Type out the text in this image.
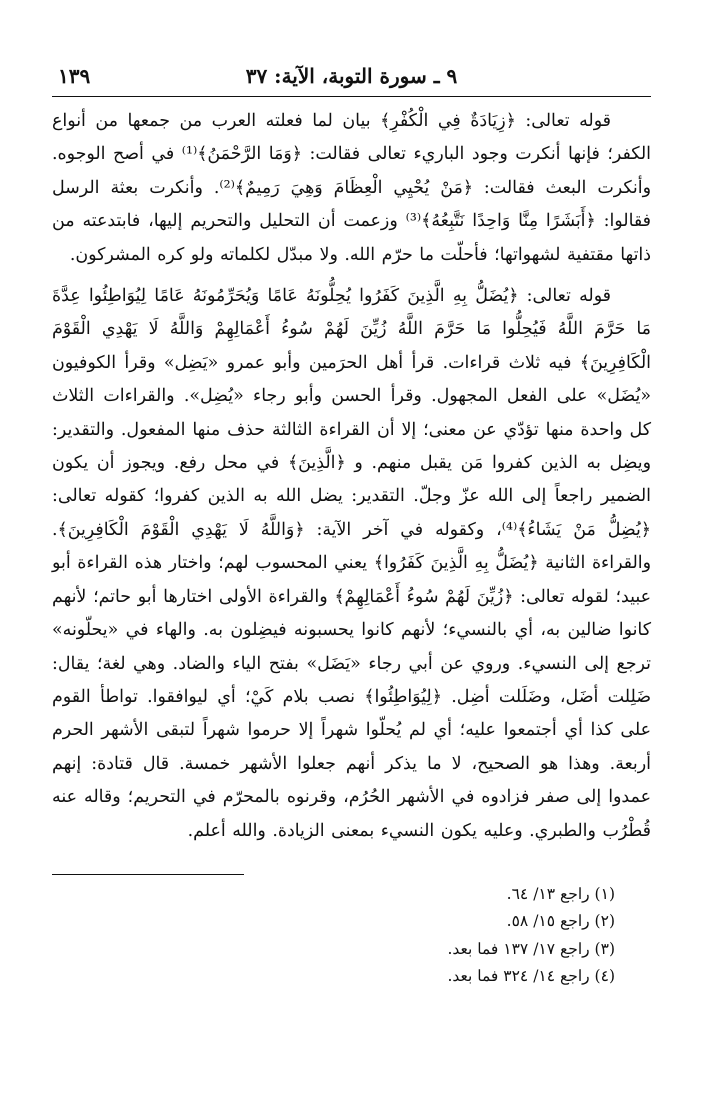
١٣٩	٩ ـ سورة التوبة، الآية: ٣٧

قوله تعالى: ﴿زِيَادَةٌ فِي الْكُفْرِ﴾ بيان لما فعلته العرب من جمعها من أنواع الكفر؛ فإنها أنكرت وجود الباريء تعالى فقالت: ﴿وَمَا الرَّحْمَنُ﴾⁽¹⁾ في أصح الوجوه. وأنكرت البعث فقالت: ﴿مَنْ يُحْيِي الْعِظَامَ وَهِيَ رَمِيمٌ﴾⁽²⁾. وأنكرت بعثة الرسل فقالوا: ﴿أَبَشَرًا مِنَّا وَاحِدًا نَتَّبِعُهُ﴾⁽³⁾ وزعمت أن التحليل والتحريم إليها، فابتدعته من ذاتها مقتفية لشهواتها؛ فأحلّت ما حرّم الله. ولا مبدّل لكلماته ولو كره المشركون.

قوله تعالى: ﴿يُضَلُّ بِهِ الَّذِينَ كَفَرُوا يُحِلُّونَهُ عَامًا وَيُحَرِّمُونَهُ عَامًا لِيُوَاطِئُوا عِدَّةَ مَا حَرَّمَ اللَّهُ فَيُحِلُّوا مَا حَرَّمَ اللَّهُ زُيِّنَ لَهُمْ سُوءُ أَعْمَالِهِمْ وَاللَّهُ لَا يَهْدِي الْقَوْمَ الْكَافِرِينَ﴾ فيه ثلاث قراءات. قرأ أهل الحرَمين وأبو عمرو «يَضِل» وقرأ الكوفيون «يُضَل» على الفعل المجهول. وقرأ الحسن وأبو رجاء «يُضِل». والقراءات الثلاث كل واحدة منها تؤدّي عن معنى؛ إلا أن القراءة الثالثة حذف منها المفعول. والتقدير: ويضِل به الذين كفروا مَن يقبل منهم. و ﴿الَّذِينَ﴾ في محل رفع. ويجوز أن يكون الضمير راجعاً إلى الله عزّ وجلّ. التقدير: يضل الله به الذين كفروا؛ كقوله تعالى: ﴿يُضِلُّ مَنْ يَشَاءُ﴾⁽⁴⁾، وكقوله في آخر الآية: ﴿وَاللَّهُ لَا يَهْدِي الْقَوْمَ الْكَافِرِينَ﴾. والقراءة الثانية ﴿يُضَلُّ بِهِ الَّذِينَ كَفَرُوا﴾ يعني المحسوب لهم؛ واختار هذه القراءة أبو عبيد؛ لقوله تعالى: ﴿زُيِّنَ لَهُمْ سُوءُ أَعْمَالِهِمْ﴾ والقراءة الأولى اختارها أبو حاتم؛ لأنهم كانوا ضالين به، أي بالنسيء؛ لأنهم كانوا يحسبونه فيضِلون به. والهاء في «يحلّونه» ترجع إلى النسيء. وروي عن أبي رجاء «يَضَل» بفتح الياء والضاد. وهي لغة؛ يقال: ضَلِلت أضَل، وضَلَلت أضِل. ﴿لِيُوَاطِئُوا﴾ نصب بلام كَيْ؛ أي ليوافقوا. تواطأ القوم على كذا أي أجتمعوا عليه؛ أي لم يُحلّوا شهراً إلا حرموا شهراً لتبقى الأشهر الحرم أربعة. وهذا هو الصحيح، لا ما يذكر أنهم جعلوا الأشهر خمسة. قال قتادة: إنهم عمدوا إلى صفر فزادوه في الأشهر الحُرُم، وقرنوه بالمحرّم في التحريم؛ وقاله عنه قُطْرُب والطبري. وعليه يكون النسيء بمعنى الزيادة. والله أعلم.

(١) راجع ١٣/ ٦٤.

(٢) راجع ١٥/ ٥٨.

(٣) راجع ١٧/ ١٣٧ فما بعد.

(٤) راجع ١٤/ ٣٢٤ فما بعد.
